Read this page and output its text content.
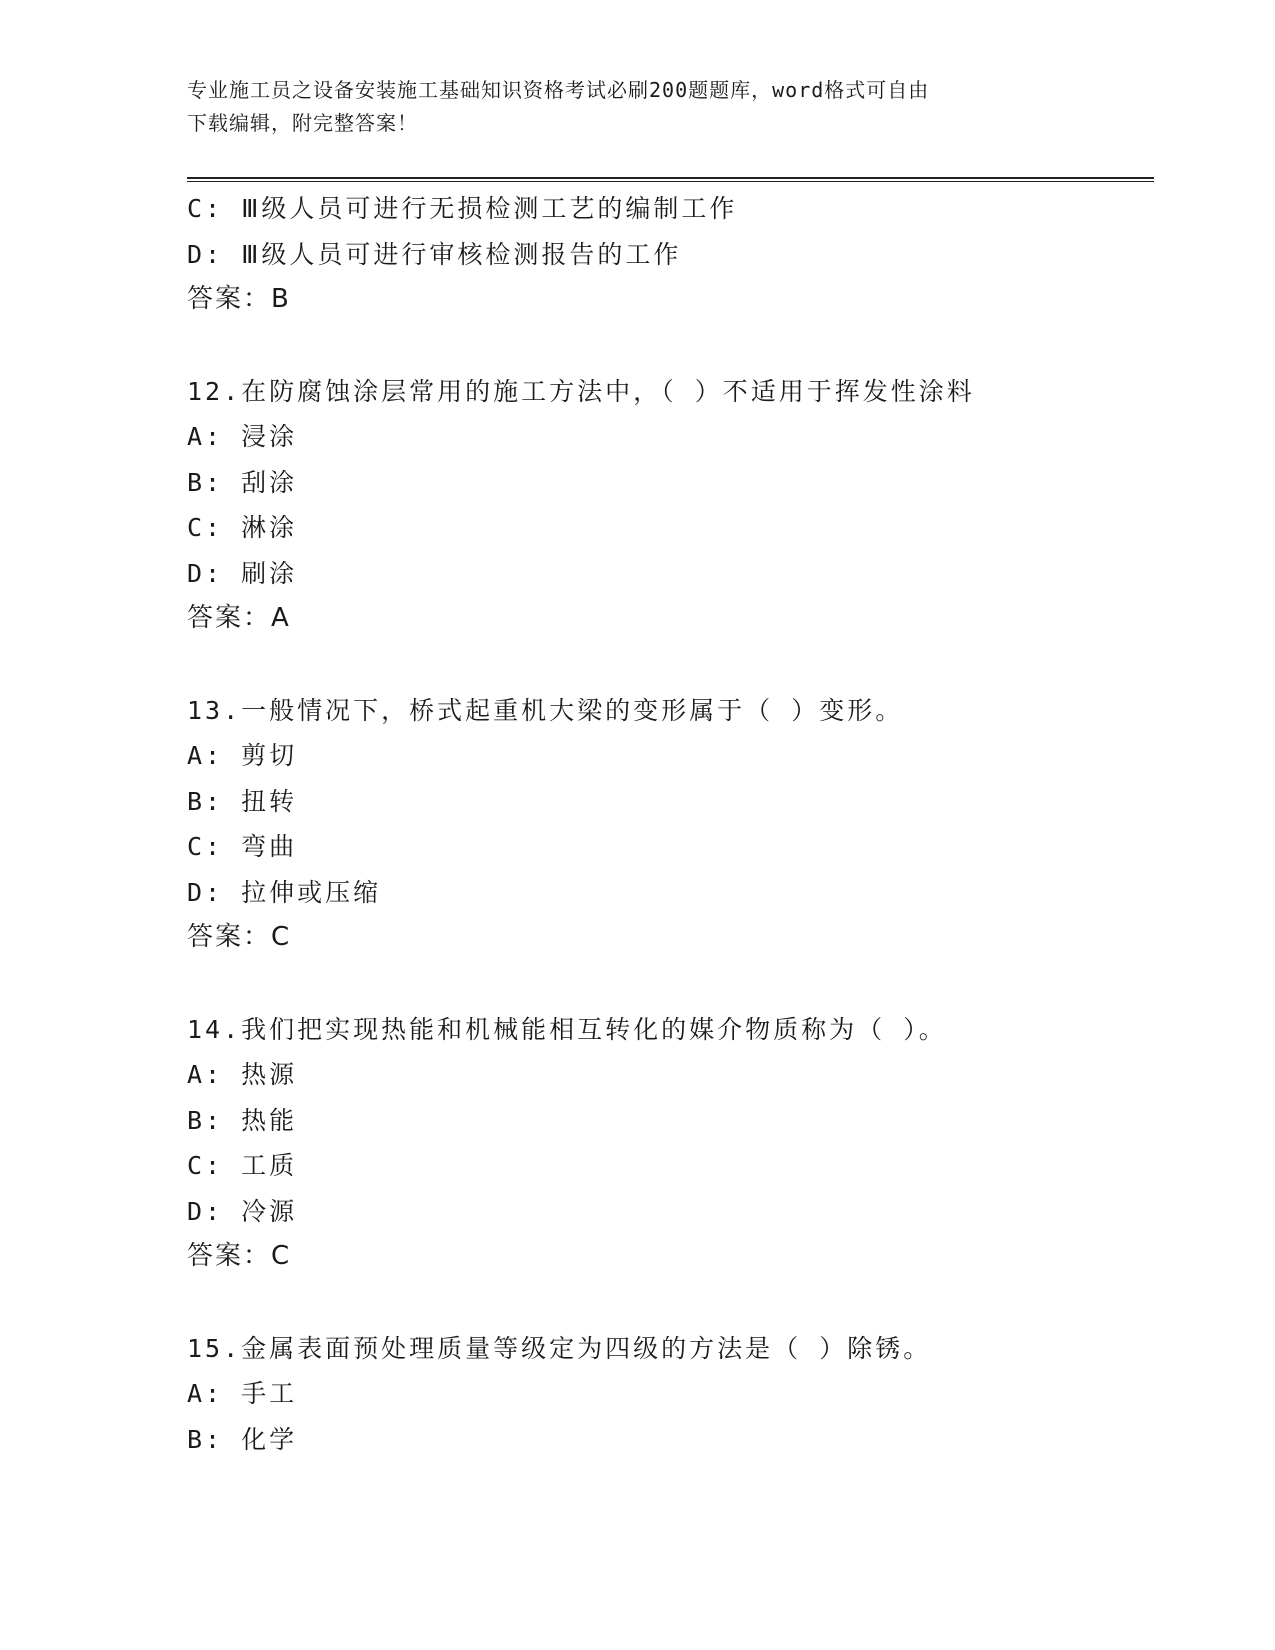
专业施工员之设备安装施工基础知识资格考试必刷200题题库，word格式可自由
下载编辑，附完整答案！
C: Ⅲ级人员可进行无损检测工艺的编制工作
D: Ⅲ级人员可进行审核检测报告的工作
答案：B
12.在防腐蚀涂层常用的施工方法中，（ ）不适用于挥发性涂料
A: 浸涂
B: 刮涂
C: 淋涂
D: 刷涂
答案：A
13.一般情况下，桥式起重机大梁的变形属于（ ）变形。
A: 剪切
B: 扭转
C: 弯曲
D: 拉伸或压缩
答案：C
14.我们把实现热能和机械能相互转化的媒介物质称为（ ）。
A: 热源
B: 热能
C: 工质
D: 冷源
答案：C
15.金属表面预处理质量等级定为四级的方法是（ ）除锈。
A: 手工
B: 化学
